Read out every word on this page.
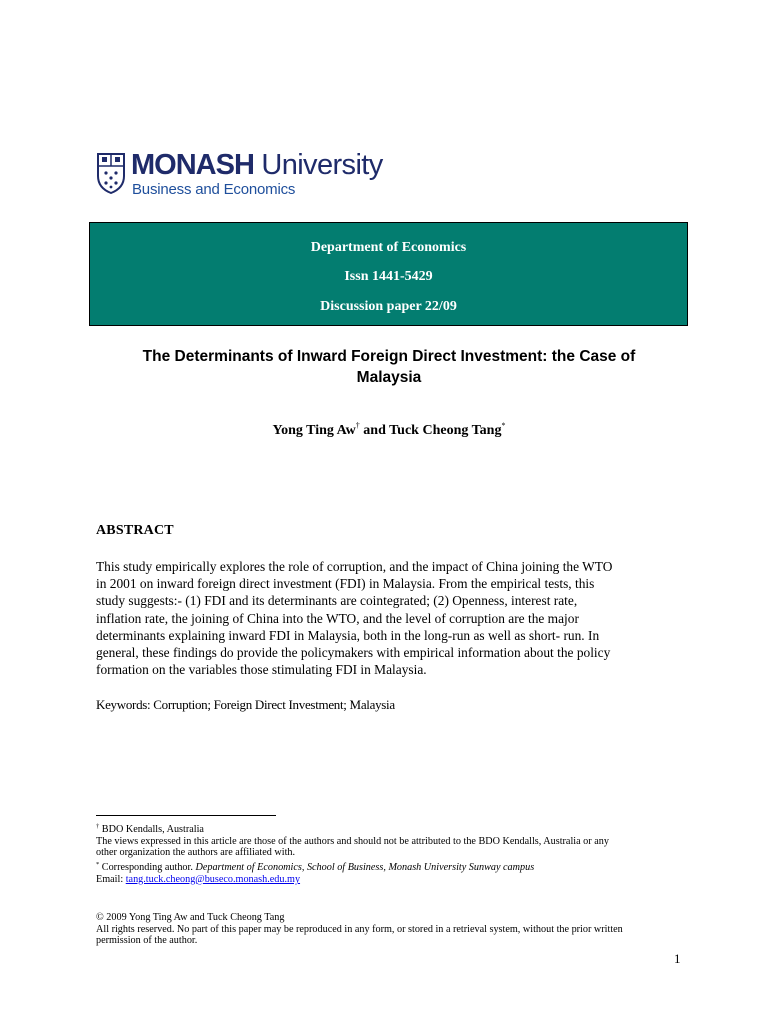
MONASH University
Business and Economics
Department of Economics
Issn 1441-5429
Discussion paper 22/09
The Determinants of Inward Foreign Direct Investment: the Case of
Malaysia
Yong Ting Aw† and Tuck Cheong Tang*
ABSTRACT
This study empirically explores the role of corruption, and the impact of China joining the WTO
in 2001 on inward foreign direct investment (FDI) in Malaysia. From the empirical tests, this
study suggests:- (1) FDI and its determinants are cointegrated; (2) Openness, interest rate,
inflation rate, the joining of China into the WTO, and the level of corruption are the major
determinants explaining inward FDI in Malaysia, both in the long-run as well as short- run. In
general, these findings do provide the policymakers with empirical information about the policy
formation on the variables those stimulating FDI in Malaysia.
Keywords: Corruption; Foreign Direct Investment; Malaysia
† BDO Kendalls, Australia
The views expressed in this article are those of the authors and should not be attributed to the BDO Kendalls, Australia or any
other organization the authors are affiliated with.
* Corresponding author. Department of Economics, School of Business, Monash University Sunway campus
Email: tang.tuck.cheong@buseco.monash.edu.my
© 2009 Yong Ting Aw and Tuck Cheong Tang
All rights reserved. No part of this paper may be reproduced in any form, or stored in a retrieval system, without the prior written
permission of the author.
1
